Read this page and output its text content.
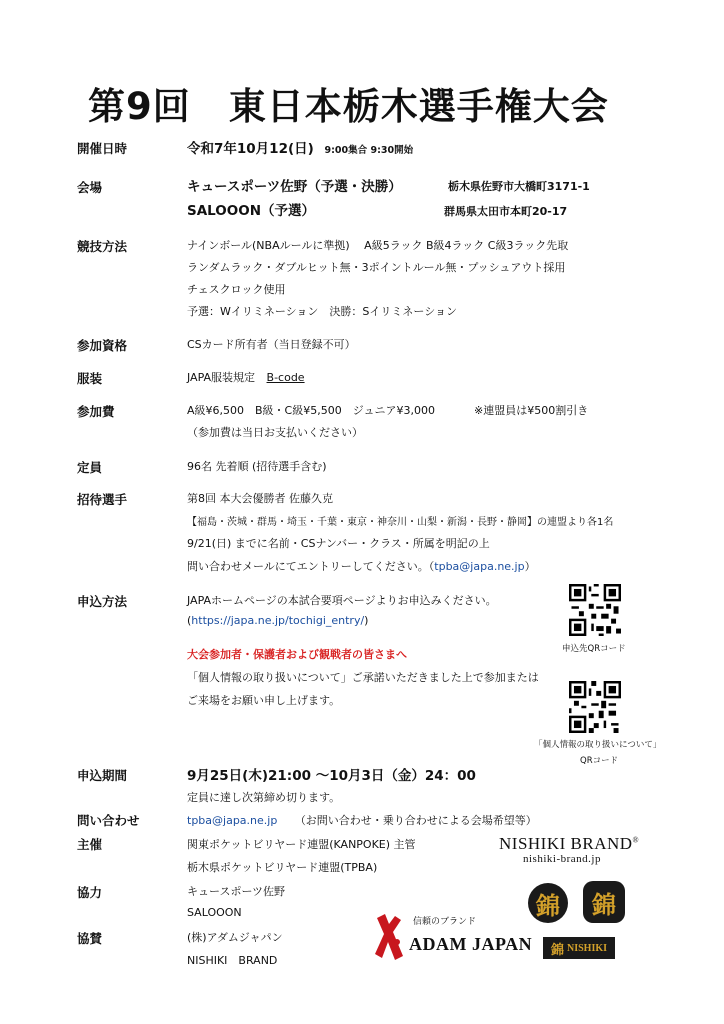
第9回　東日本栃木選手権大会
開催日時	令和7年10月12(日) 9:00集合 9:30開始
会場	キュースポーツ佐野（予選・決勝）	栃木県佐野市大橋町3171-1
SALOOON（予選）	群馬県太田市本町20-17
競技方法	ナインボール(NBAルールに準拠)　 A級5ラック B級4ラック C級3ラック先取
ランダムラック・ダブルヒット無・3ポイントルール無・プッシュアウト採用
チェスクロック使用
予選：Wイリミネーション　決勝：Sイリミネーション
参加資格	CSカード所有者（当日登録不可）
服装	JAPA服装規定 B-code
参加費	A級¥6,500　B級・C級¥5,500　ジュニア¥3,000	※連盟員は¥500割引き
（参加費は当日お支払いください）
定員	96名 先着順 (招待選手含む)
招待選手	第8回 本大会優勝者 佐藤久克
【福島・茨城・群馬・埼玉・千葉・東京・神奈川・山梨・新潟・長野・静岡】の連盟より各1名
9/21(日) までに名前・CSナンバー・クラス・所属を明記の上
問い合わせメールにてエントリーしてください。（tpba@japa.ne.jp）
申込方法	JAPAホームページの本試合要項ページよりお申込みください。
(https://japa.ne.jp/tochigi_entry/)
大会参加者・保護者および観戦者の皆さまへ
「個人情報の取り扱いについて」ご承諾いただきました上で参加または
ご来場をお願い申し上げます。
申込先QRコード
「個人情報の取り扱いについて」
QRコード
申込期間	9月25日(木)21:00 ～10月3日（金）24：00
定員に達し次第締め切ります。
問い合わせ	tpba@japa.ne.jp （お問い合わせ・乗り合わせによる会場希望等）
主催	関東ポケットビリヤード連盟(KANPOKE) 主管
栃木県ポケットビリヤード連盟(TPBA)
協力	キュースポーツ佐野
SALOOON
協賛	(株)アダムジャパン
NISHIKI　BRAND
NISHIKI BRAND®
nishiki-brand.jp
錦 錦
錦 NISHIKI
信頼のブランド
ADAM JAPAN
